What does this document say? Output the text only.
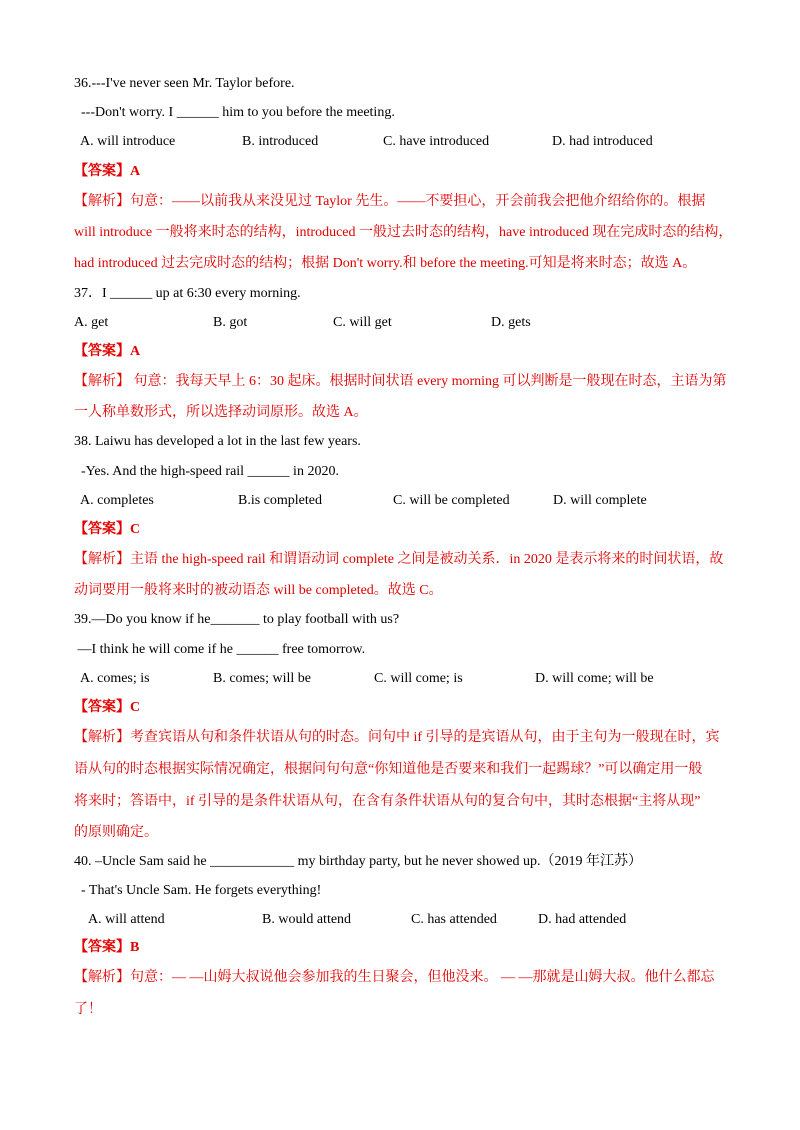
36.---I've never seen Mr. Taylor before.
---Don't worry. I ______ him to you before the meeting.
A. will introduce	B. introduced	C. have introduced	D. had introduced
【答案】A
【解析】句意：——以前我从来没见过 Taylor 先生。——不要担心，开会前我会把他介绍给你的。根据
will introduce 一般将来时态的结构，introduced 一般过去时态的结构，have introduced 现在完成时态的结构，
had introduced 过去完成时态的结构；根据 Don't worry.和 before the meeting.可知是将来时态；故选 A。
37．I ______ up at 6:30 every morning.
A. get	B. got	C. will get	D. gets
【答案】A
【解析】 句意：我每天早上 6：30 起床。根据时间状语 every morning 可以判断是一般现在时态，主语为第
一人称单数形式，所以选择动词原形。故选 A。
38. Laiwu has developed a lot in the last few years.
-Yes. And the high-speed rail ______ in 2020.
A. completes	B.is completed	C. will be completed	D. will complete
【答案】C
【解析】主语 the high-speed rail 和谓语动词 complete 之间是被动关系．in 2020 是表示将来的时间状语，故
动词要用一般将来时的被动语态 will be completed。故选 C。
39.—Do you know if he_______ to play football with us?
—I think he will come if he ______ free tomorrow.
A. comes; is	B. comes; will be	C. will come; is	D. will come; will be
【答案】C
【解析】考查宾语从句和条件状语从句的时态。问句中 if 引导的是宾语从句，由于主句为一般现在时，宾
语从句的时态根据实际情况确定，根据问句句意“你知道他是否要来和我们一起踢球？”可以确定用一般
将来时；答语中，if 引导的是条件状语从句，在含有条件状语从句的复合句中，其时态根据“主将从现”
的原则确定。
40. –Uncle Sam said he ____________ my birthday party, but he never showed up.（2019 年江苏）
- That's Uncle Sam. He forgets everything!
A. will attend	B. would attend	C. has attended	D. had attended
【答案】B
【解析】句意：— —山姆大叔说他会参加我的生日聚会，但他没来。 — —那就是山姆大叔。他什么都忘
了！
